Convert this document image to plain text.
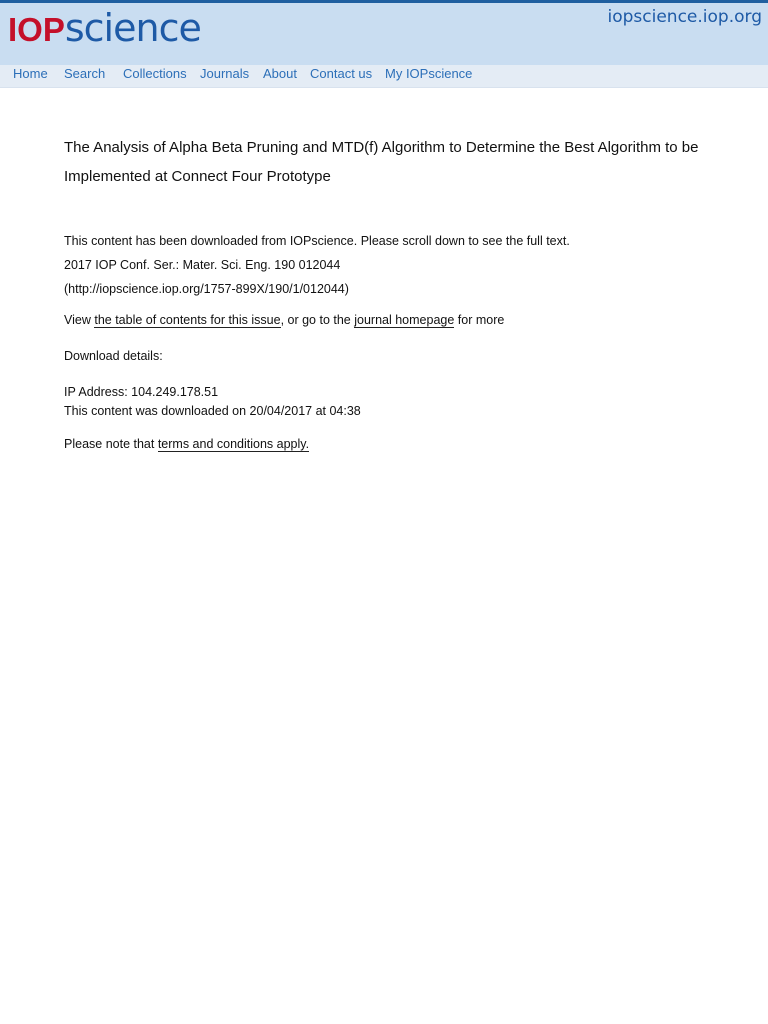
IOP science	iopscience.iop.org
Home Search Collections Journals About Contact us My IOPscience
The Analysis of Alpha Beta Pruning and MTD(f) Algorithm to Determine the Best Algorithm to be Implemented at Connect Four Prototype
This content has been downloaded from IOPscience. Please scroll down to see the full text.
2017 IOP Conf. Ser.: Mater. Sci. Eng. 190 012044
(http://iopscience.iop.org/1757-899X/190/1/012044)
View the table of contents for this issue, or go to the journal homepage for more
Download details:
IP Address: 104.249.178.51
This content was downloaded on 20/04/2017 at 04:38
Please note that terms and conditions apply.
